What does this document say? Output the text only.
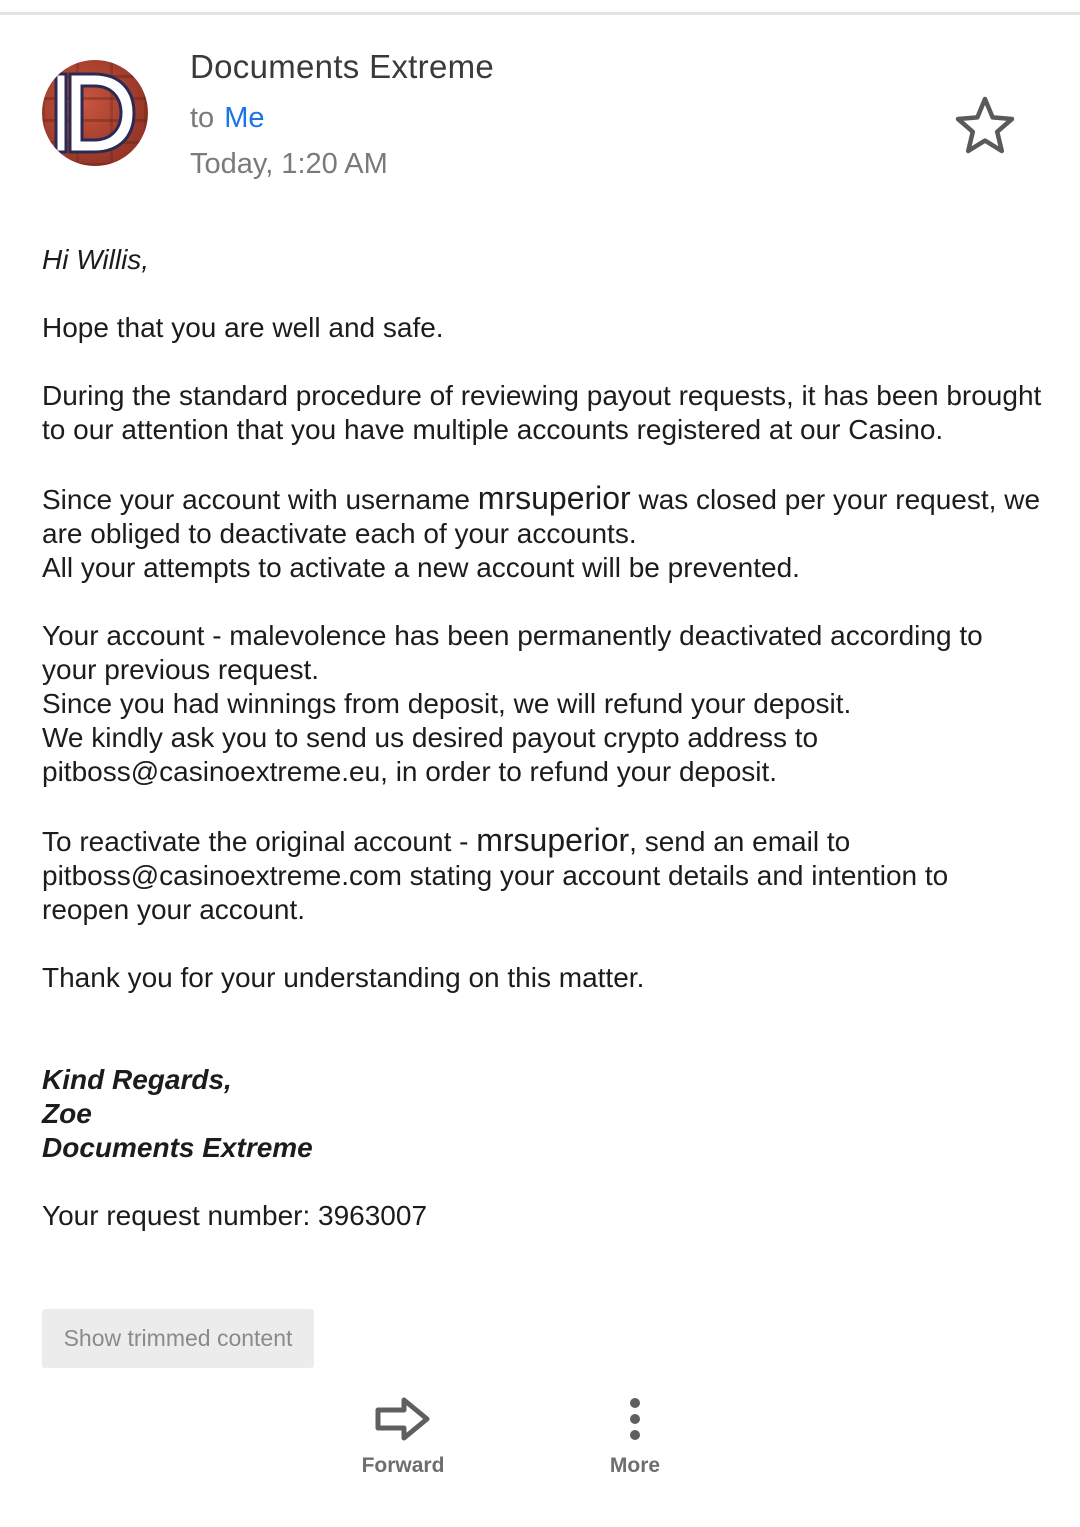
Documents Extreme
to Me
Today, 1:20 AM

Hi Willis,

Hope that you are well and safe.

During the standard procedure of reviewing payout requests, it has been brought to our attention that you have multiple accounts registered at our Casino.

Since your account with username mrsuperior was closed per your request, we are obliged to deactivate each of your accounts.
All your attempts to activate a new account will be prevented.

Your account - malevolence has been permanently deactivated according to your previous request.
Since you had winnings from deposit, we will refund your deposit.
We kindly ask you to send us desired payout crypto address to pitboss@casinoextreme.eu, in order to refund your deposit.

To reactivate the original account - mrsuperior, send an email to pitboss@casinoextreme.com stating your account details and intention to reopen your account.

Thank you for your understanding on this matter.

Kind Regards,
Zoe
Documents Extreme

Your request number: 3963007

Show trimmed content
Forward	More
